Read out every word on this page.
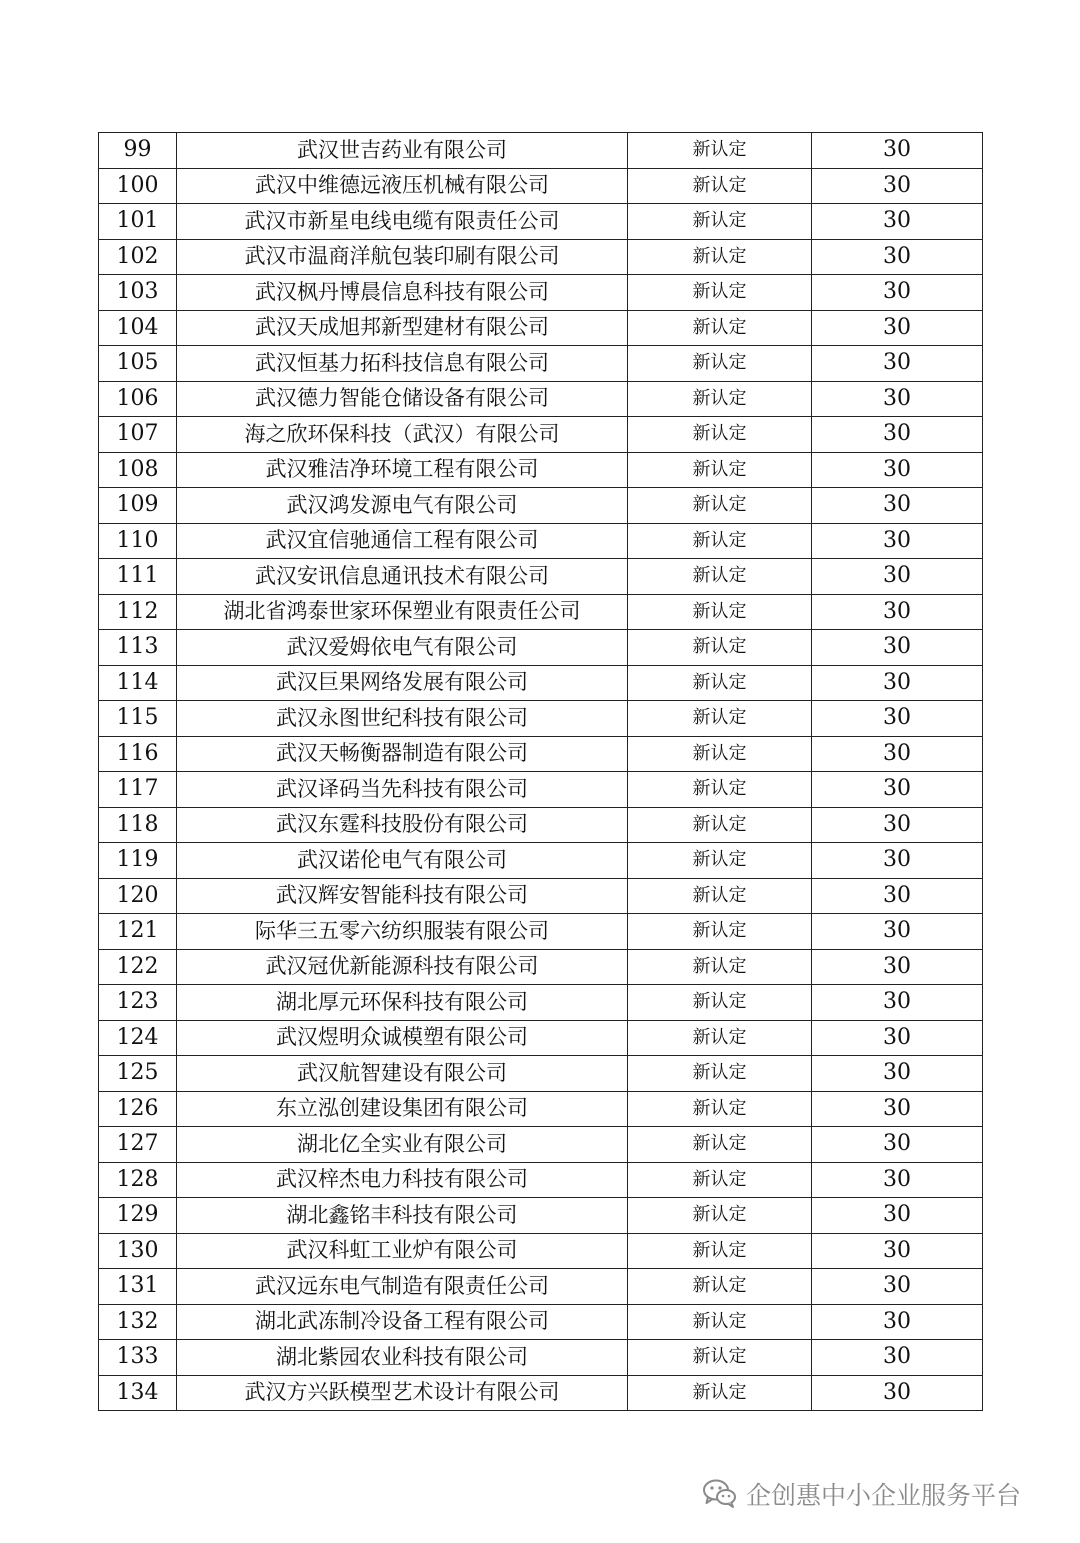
99	武汉世吉药业有限公司	新认定	30
100	武汉中维德远液压机械有限公司	新认定	30
101	武汉市新星电线电缆有限责任公司	新认定	30
102	武汉市温商洋航包装印刷有限公司	新认定	30
103	武汉枫丹博晨信息科技有限公司	新认定	30
104	武汉天成旭邦新型建材有限公司	新认定	30
105	武汉恒基力拓科技信息有限公司	新认定	30
106	武汉德力智能仓储设备有限公司	新认定	30
107	海之欣环保科技（武汉）有限公司	新认定	30
108	武汉雅洁净环境工程有限公司	新认定	30
109	武汉鸿发源电气有限公司	新认定	30
110	武汉宜信驰通信工程有限公司	新认定	30
111	武汉安讯信息通讯技术有限公司	新认定	30
112	湖北省鸿泰世家环保塑业有限责任公司	新认定	30
113	武汉爱姆依电气有限公司	新认定	30
114	武汉巨果网络发展有限公司	新认定	30
115	武汉永图世纪科技有限公司	新认定	30
116	武汉天畅衡器制造有限公司	新认定	30
117	武汉译码当先科技有限公司	新认定	30
118	武汉东霆科技股份有限公司	新认定	30
119	武汉诺伦电气有限公司	新认定	30
120	武汉辉安智能科技有限公司	新认定	30
121	际华三五零六纺织服装有限公司	新认定	30
122	武汉冠优新能源科技有限公司	新认定	30
123	湖北厚元环保科技有限公司	新认定	30
124	武汉煜明众诚模塑有限公司	新认定	30
125	武汉航智建设有限公司	新认定	30
126	东立泓创建设集团有限公司	新认定	30
127	湖北亿全实业有限公司	新认定	30
128	武汉梓杰电力科技有限公司	新认定	30
129	湖北鑫铭丰科技有限公司	新认定	30
130	武汉科虹工业炉有限公司	新认定	30
131	武汉远东电气制造有限责任公司	新认定	30
132	湖北武冻制冷设备工程有限公司	新认定	30
133	湖北紫园农业科技有限公司	新认定	30
134	武汉方兴跃模型艺术设计有限公司	新认定	30
企创惠中小企业服务平台
